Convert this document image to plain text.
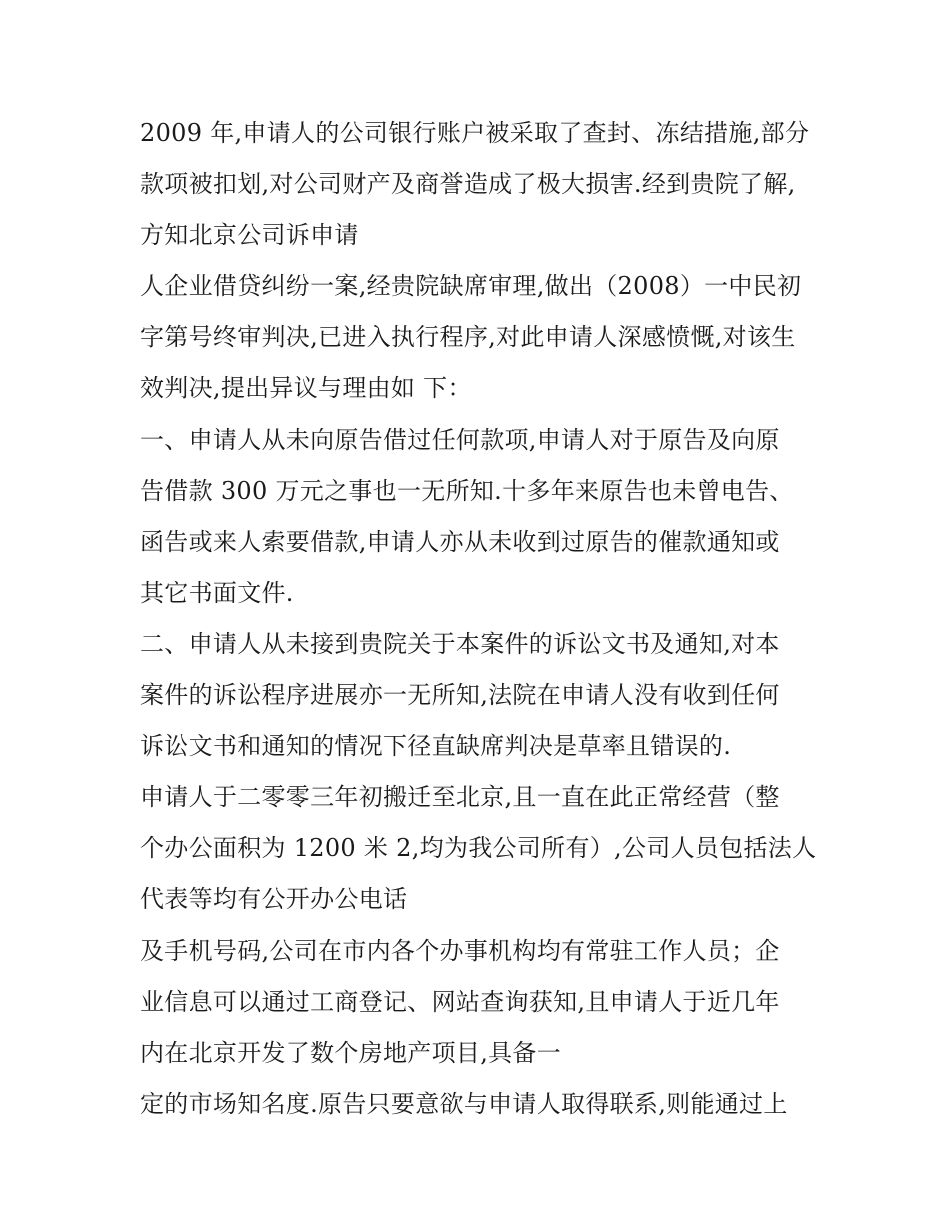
2009 年,申请人的公司银行账户被采取了查封、冻结措施,部分
款项被扣划,对公司财产及商誉造成了极大损害.经到贵院了解,
方知北京公司诉申请
人企业借贷纠纷一案,经贵院缺席审理,做出（2008）一中民初
字第号终审判决,已进入执行程序,对此申请人深感愤慨,对该生
效判决,提出异议与理由如 下：
一、申请人从未向原告借过任何款项,申请人对于原告及向原
告借款 300 万元之事也一无所知.十多年来原告也未曾电告、
函告或来人索要借款,申请人亦从未收到过原告的催款通知或
其它书面文件.
二、申请人从未接到贵院关于本案件的诉讼文书及通知,对本
案件的诉讼程序进展亦一无所知,法院在申请人没有收到任何
诉讼文书和通知的情况下径直缺席判决是草率且错误的.
申请人于二零零三年初搬迁至北京,且一直在此正常经营（整
个办公面积为 1200 米 2,均为我公司所有）,公司人员包括法人
代表等均有公开办公电话
及手机号码,公司在市内各个办事机构均有常驻工作人员；企
业信息可以通过工商登记、网站查询获知,且申请人于近几年
内在北京开发了数个房地产项目,具备一
定的市场知名度.原告只要意欲与申请人取得联系,则能通过上
